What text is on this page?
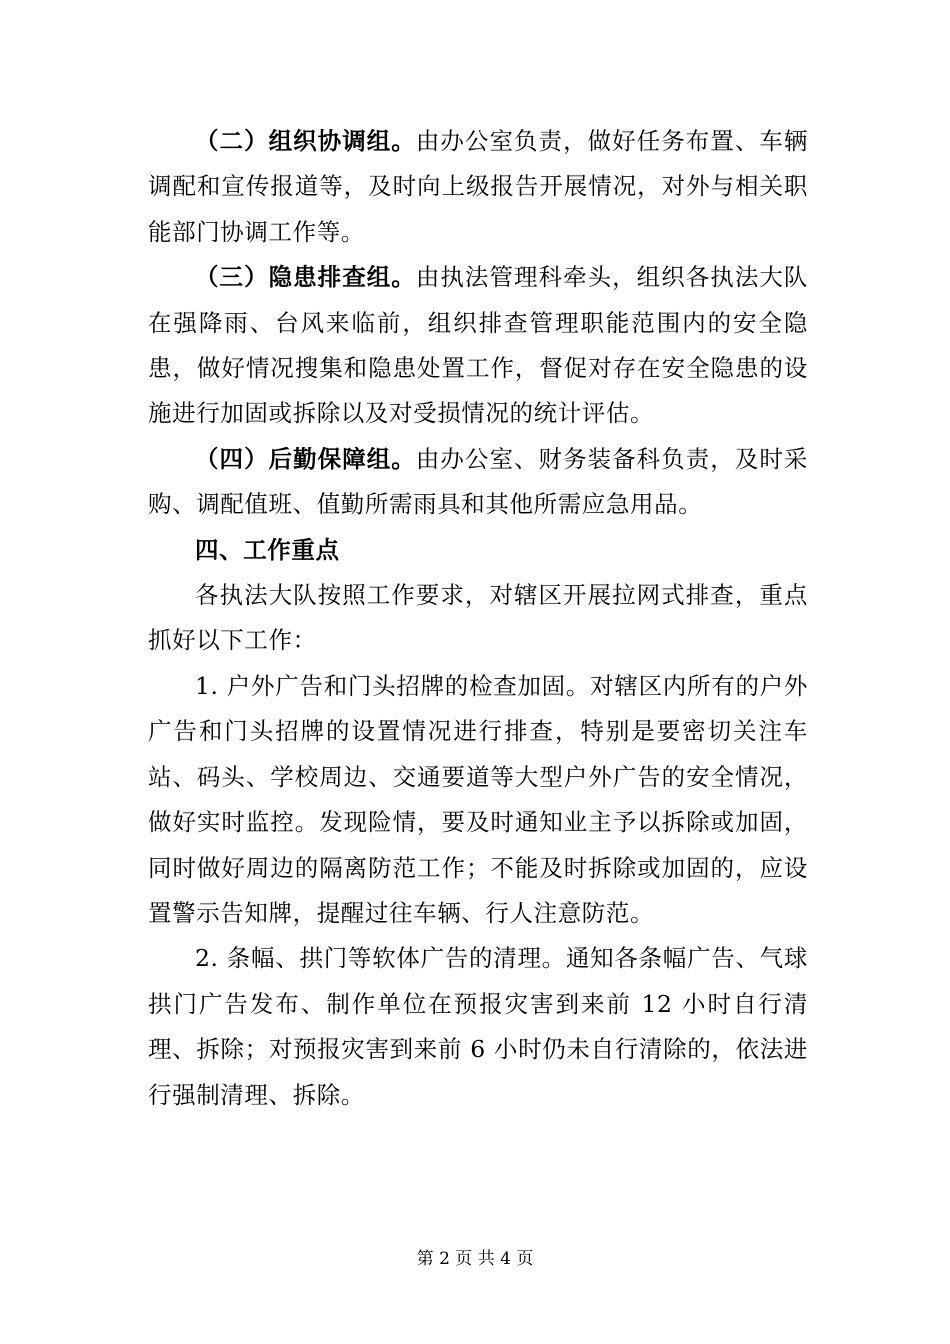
（二）组织协调组。由办公室负责，做好任务布置、车辆调配和宣传报道等，及时向上级报告开展情况，对外与相关职能部门协调工作等。

（三）隐患排查组。由执法管理科牵头，组织各执法大队在强降雨、台风来临前，组织排查管理职能范围内的安全隐患，做好情况搜集和隐患处置工作，督促对存在安全隐患的设施进行加固或拆除以及对受损情况的统计评估。

（四）后勤保障组。由办公室、财务装备科负责，及时采购、调配值班、值勤所需雨具和其他所需应急用品。

四、工作重点

各执法大队按照工作要求，对辖区开展拉网式排查，重点抓好以下工作：

1. 户外广告和门头招牌的检查加固。对辖区内所有的户外广告和门头招牌的设置情况进行排查，特别是要密切关注车站、码头、学校周边、交通要道等大型户外广告的安全情况，做好实时监控。发现险情，要及时通知业主予以拆除或加固，同时做好周边的隔离防范工作；不能及时拆除或加固的，应设置警示告知牌，提醒过往车辆、行人注意防范。

2. 条幅、拱门等软体广告的清理。通知各条幅广告、气球拱门广告发布、制作单位在预报灾害到来前 12 小时自行清理、拆除；对预报灾害到来前 6 小时仍未自行清除的，依法进行强制清理、拆除。

第 2 页 共 4 页
